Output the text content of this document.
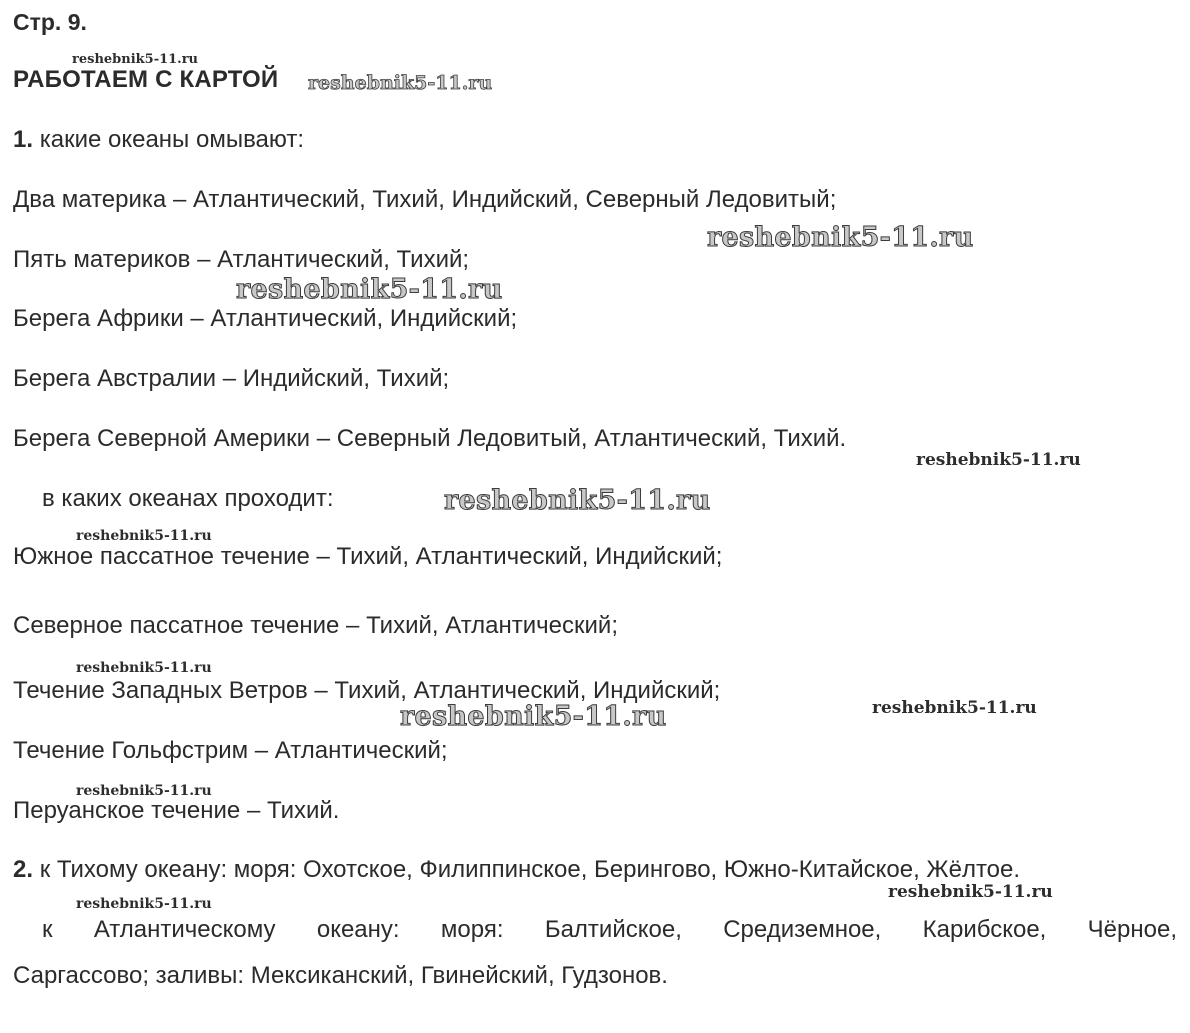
Стр. 9.
РАБОТАЕМ С КАРТОЙ
1. какие океаны омывают:
Два материка – Атлантический, Тихий, Индийский, Северный Ледовитый;
Пять материков – Атлантический, Тихий;
Берега Африки – Атлантический, Индийский;
Берега Австралии – Индийский, Тихий;
Берега Северной Америки – Северный Ледовитый, Атлантический, Тихий.
в каких океанах проходит:
Южное пассатное течение – Тихий, Атлантический, Индийский;
Северное пассатное течение – Тихий, Атлантический;
Течение Западных Ветров – Тихий, Атлантический, Индийский;
Течение Гольфстрим – Атлантический;
Перуанское течение – Тихий.
2. к Тихому океану: моря: Охотское, Филиппинское, Берингово, Южно-Китайское, Жёлтое.
к Атлантическому океану: моря: Балтийское, Средиземное, Карибское, Чёрное,
Саргассово; заливы: Мексиканский, Гвинейский, Гудзонов.
reshebnik5-11.ru
reshebnik5-11.ru
reshebnik5-11.ru
reshebnik5-11.ru
reshebnik5-11.ru
reshebnik5-11.ru
reshebnik5-11.ru
reshebnik5-11.ru
reshebnik5-11.ru
reshebnik5-11.ru
reshebnik5-11.ru
reshebnik5-11.ru
reshebnik5-11.ru
